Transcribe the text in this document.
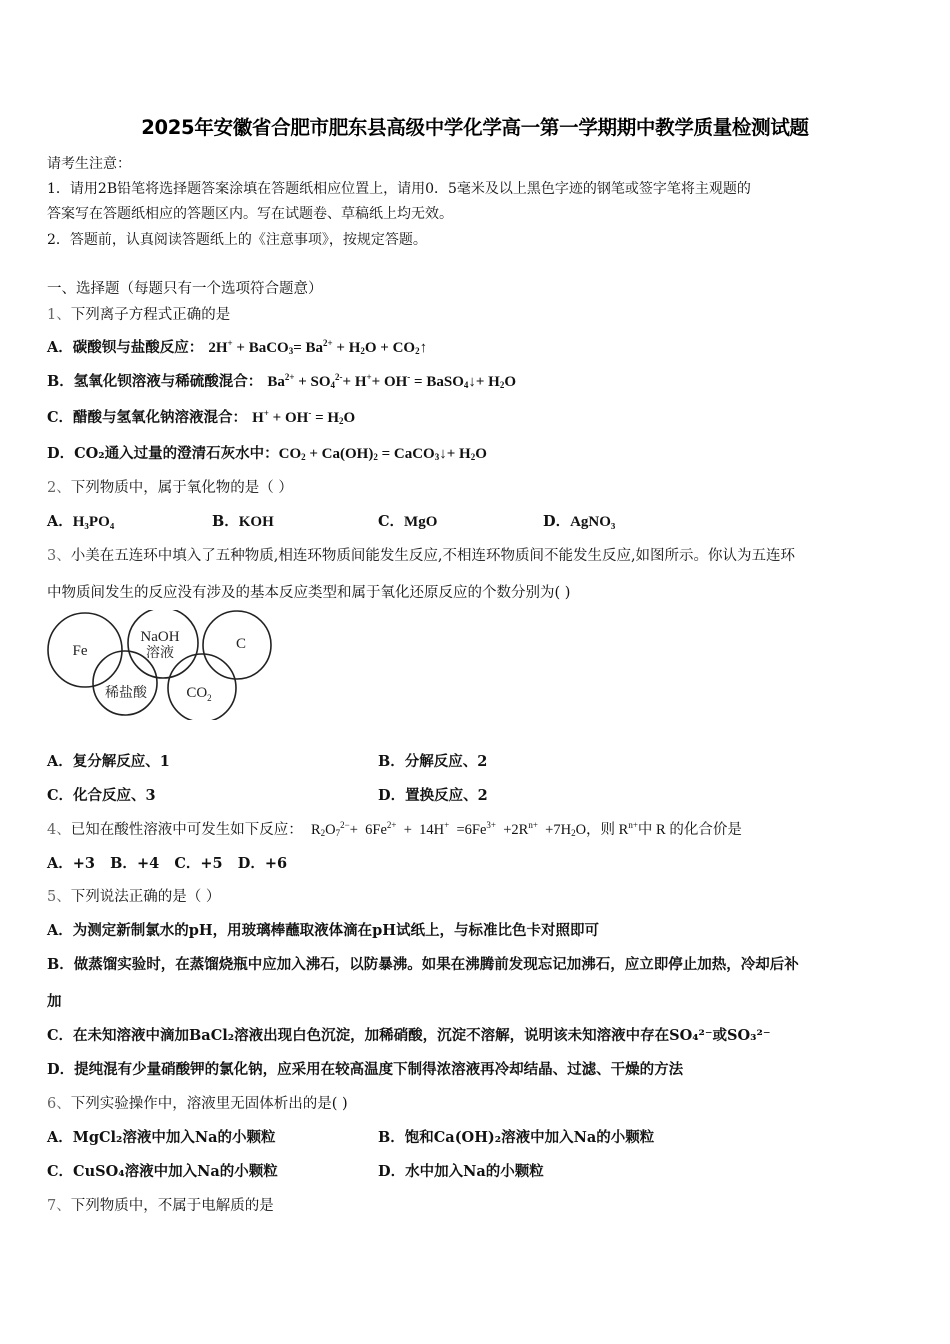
2025年安徽省合肥市肥东县高级中学化学高一第一学期期中教学质量检测试题
请考生注意：
1．请用2B铅笔将选择题答案涂填在答题纸相应位置上，请用0．5毫米及以上黑色字迹的钢笔或签字笔将主观题的
答案写在答题纸相应的答题区内。写在试题卷、草稿纸上均无效。
2．答题前，认真阅读答题纸上的《注意事项》，按规定答题。
一、选择题（每题只有一个选项符合题意）
1、下列离子方程式正确的是
A．碳酸钡与盐酸反应： 2H+ + BaCO$_3$= $Ba^{2+} + H_2O$ + $CO_2↑$
B．氢氧化钡溶液与稀硫酸混合： $Ba^{2+} + SO_4^{2-}+ H^++ OH^-$ = BaSO$_4$↓+ $H_2O$
C．醋酸与氢氧化钠溶液混合： $H^+ + OH^- = H_2O$
D．CO₂通入过量的澄清石灰水中：$CO_2 + Ca(OH)_2$ = CaCO$_3$↓+ $H_2O$
2、下列物质中，属于氧化物的是（ ）
A．H₃PO₄	B．KOH	C．MgO	D．AgNO₃
3、小美在五连环中填入了五种物质,相连环物质间能发生反应,不相连环物质间不能发生反应,如图所示。你认为五连环
中物质间发生的反应没有涉及的基本反应类型和属于氧化还原反应的个数分别为( )
Fe
稀盐酸
NaOH
溶液
$CO_2$
C
A．复分解反应、1	B．分解反应、2
C．化合反应、3	D．置换反应、2
4、已知在酸性溶液中可发生如下反应：  $R_2O_7^{2-}+ 6Fe^{2+} + 14H^+ =6Fe^{3+} +2R^{n+} +7H_2O$，则 $R^{n+}$中 R 的化合价是
A．+3 B．+4 C．+5 D．+6
5、下列说法正确的是（ ）
A．为测定新制氯水的pH，用玻璃棒蘸取液体滴在pH试纸上，与标准比色卡对照即可
B．做蒸馏实验时，在蒸馏烧瓶中应加入沸石，以防暴沸。如果在沸腾前发现忘记加沸石，应立即停止加热，冷却后补
加
C．在未知溶液中滴加BaCl₂溶液出现白色沉淀，加稀硝酸，沉淀不溶解，说明该未知溶液中存在SO₄²⁻或SO₃²⁻
D．提纯混有少量硝酸钾的氯化钠，应采用在较高温度下制得浓溶液再冷却结晶、过滤、干燥的方法
6、下列实验操作中，溶液里无固体析出的是( )
A．MgCl₂溶液中加入Na的小颗粒	B．饱和Ca(OH)₂溶液中加入Na的小颗粒
C．CuSO₄溶液中加入Na的小颗粒	D．水中加入Na的小颗粒
7、下列物质中，不属于电解质的是
